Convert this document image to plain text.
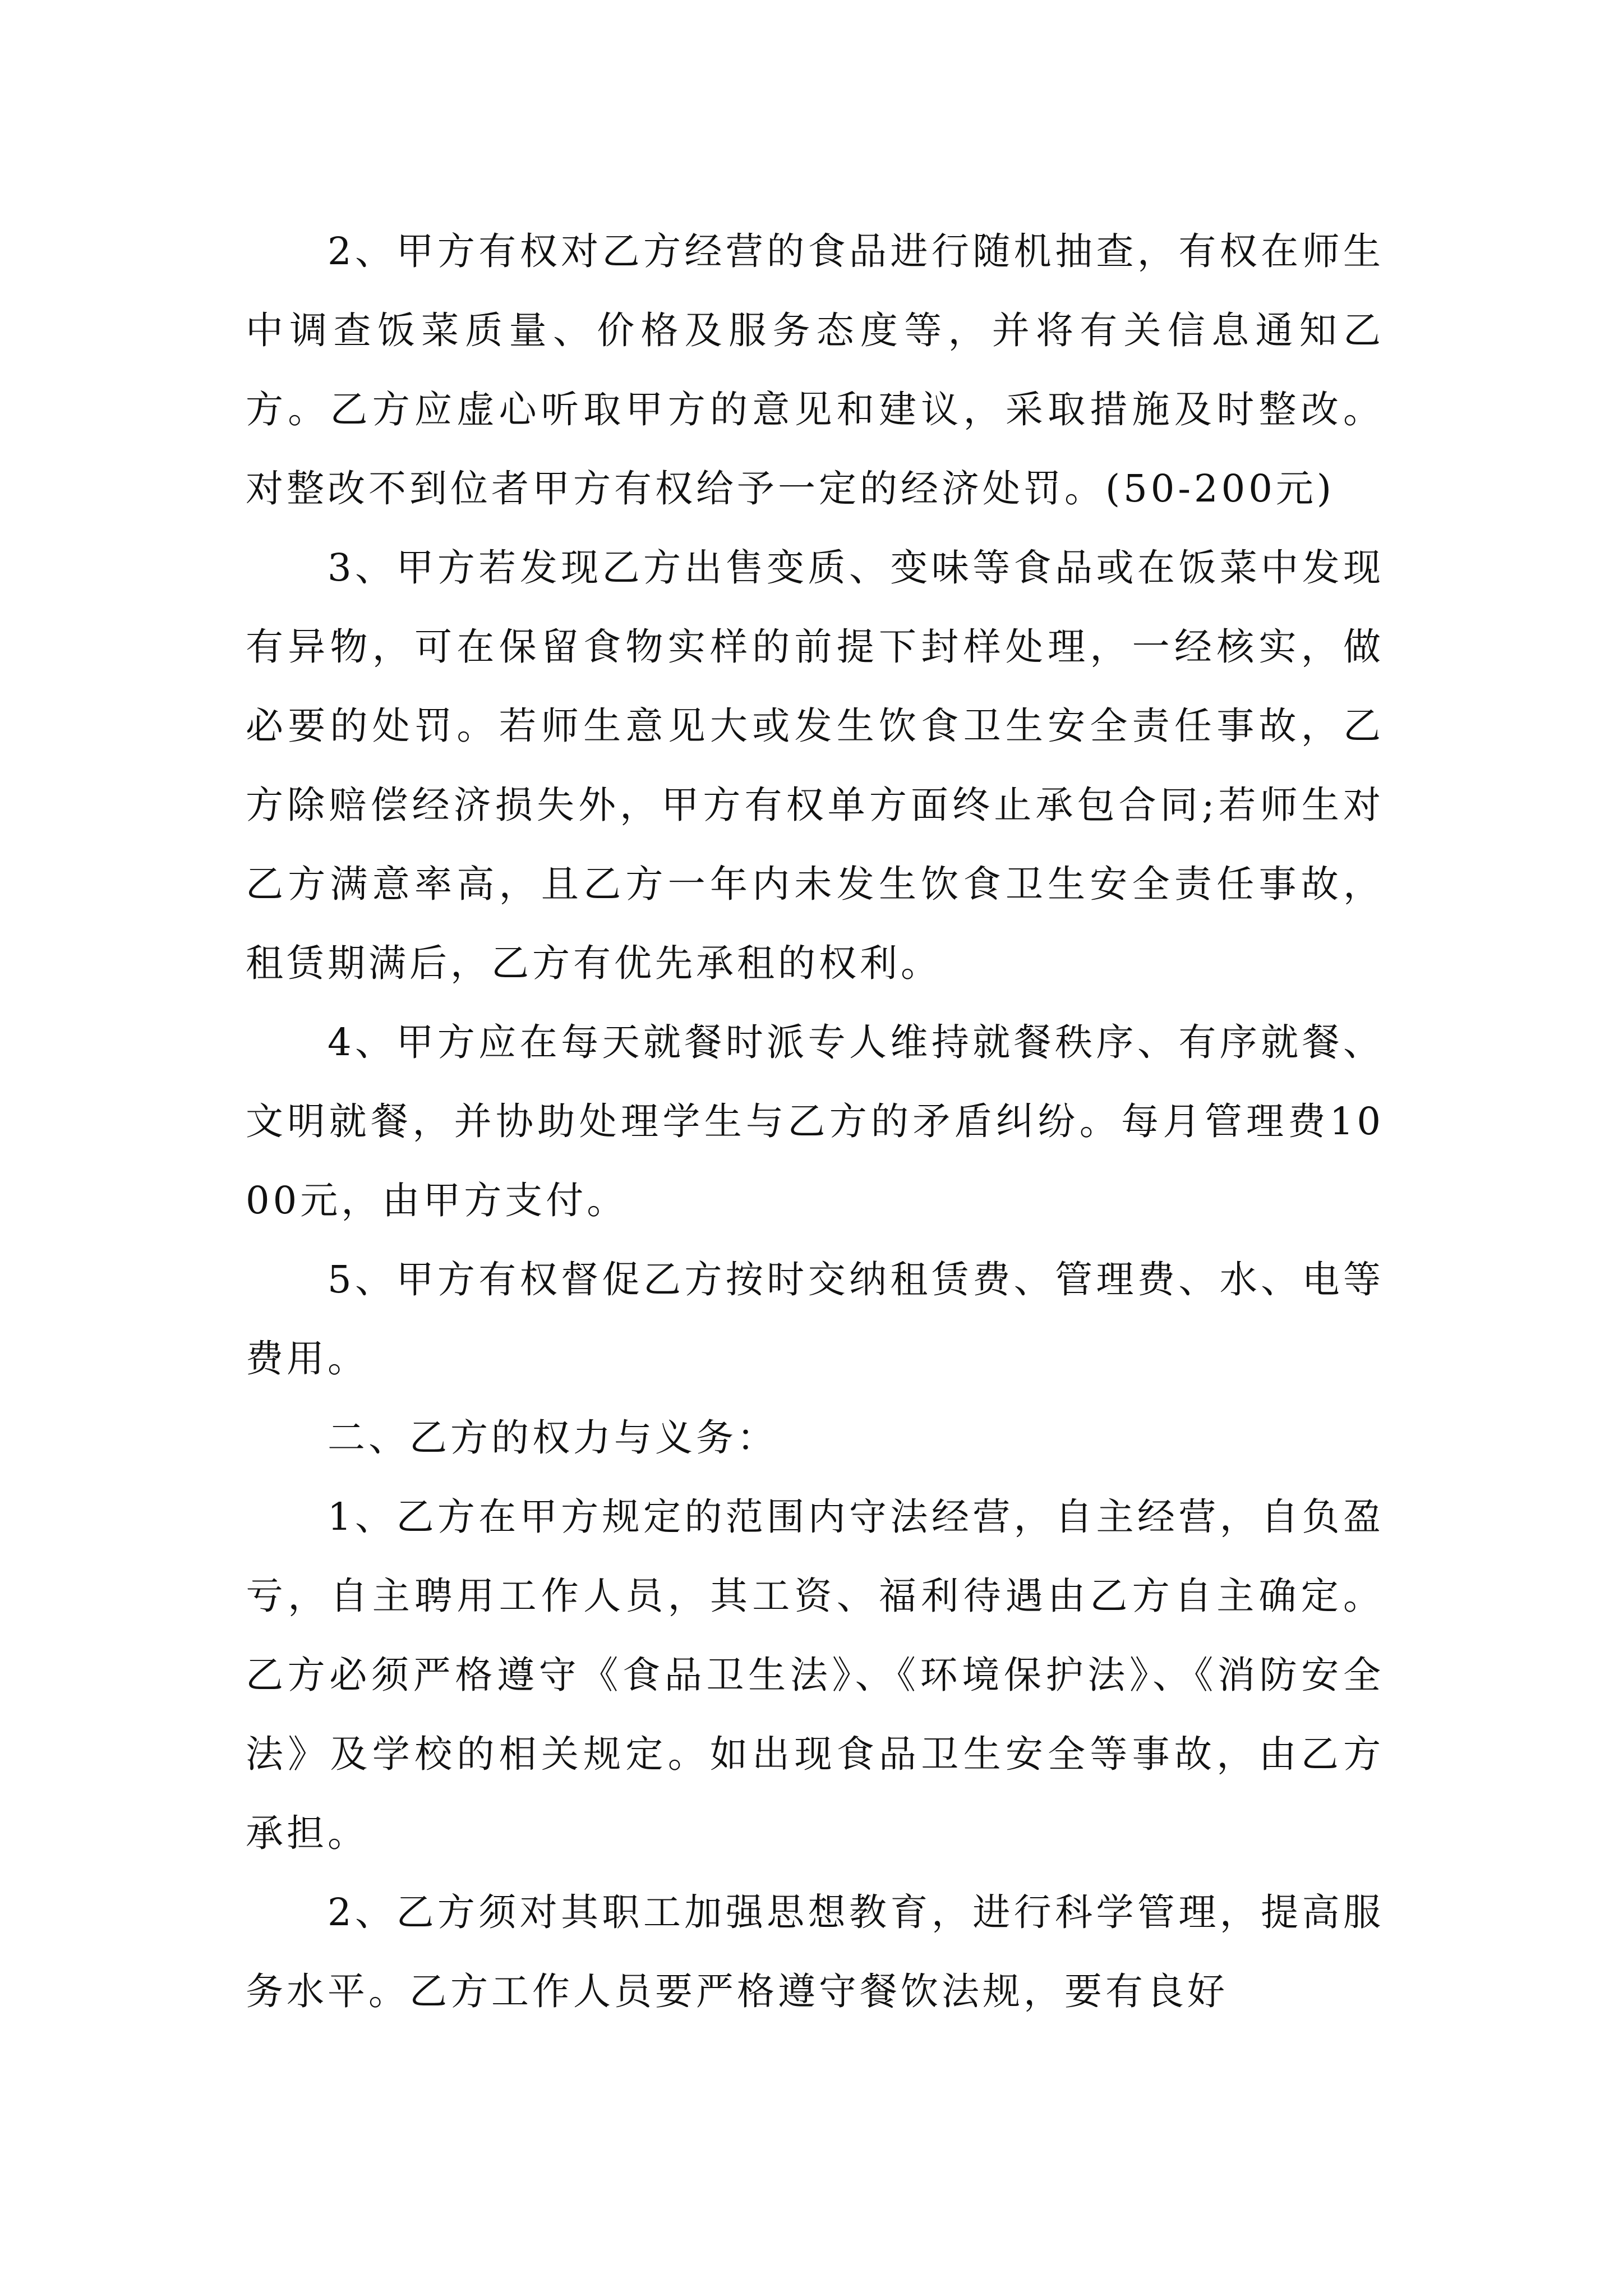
2、甲方有权对乙方经营的食品进行随机抽查，有权在师生中调查饭菜质量、价格及服务态度等，并将有关信息通知乙方。乙方应虚心听取甲方的意见和建议，采取措施及时整改。对整改不到位者甲方有权给予一定的经济处罚。(50-200元)

3、甲方若发现乙方出售变质、变味等食品或在饭菜中发现有异物，可在保留食物实样的前提下封样处理，一经核实，做必要的处罚。若师生意见大或发生饮食卫生安全责任事故，乙方除赔偿经济损失外，甲方有权单方面终止承包合同;若师生对乙方满意率高，且乙方一年内未发生饮食卫生安全责任事故，租赁期满后，乙方有优先承租的权利。

4、甲方应在每天就餐时派专人维持就餐秩序、有序就餐、文明就餐，并协助处理学生与乙方的矛盾纠纷。每月管理费1000元，由甲方支付。

5、甲方有权督促乙方按时交纳租赁费、管理费、水、电等费用。

二、乙方的权力与义务：

1、乙方在甲方规定的范围内守法经营，自主经营，自负盈亏，自主聘用工作人员，其工资、福利待遇由乙方自主确定。乙方必须严格遵守《食品卫生法》、《环境保护法》、《消防安全法》及学校的相关规定。如出现食品卫生安全等事故，由乙方承担。

2、乙方须对其职工加强思想教育，进行科学管理，提高服务水平。乙方工作人员要严格遵守餐饮法规，要有良好
